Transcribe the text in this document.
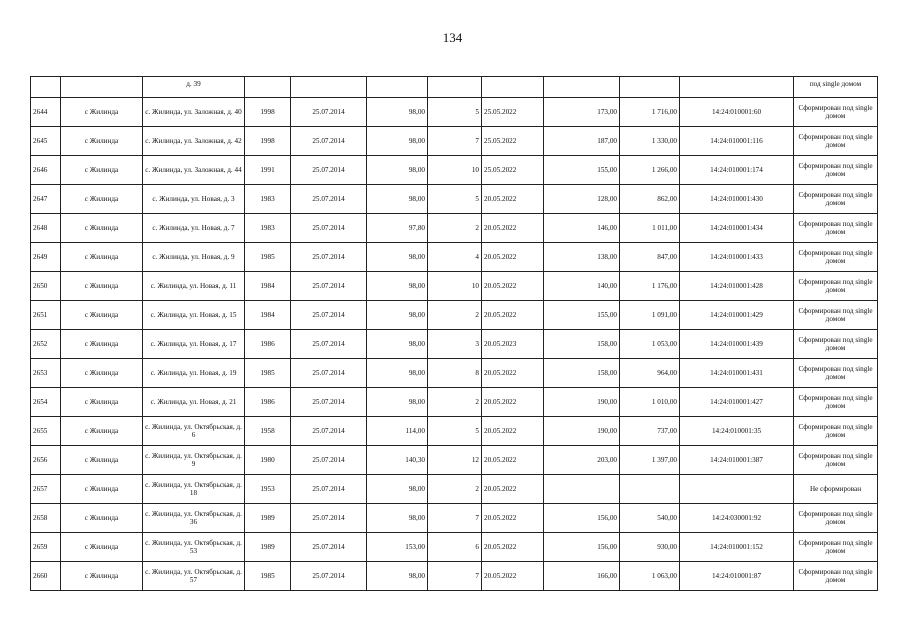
134

		д. 39									под single домом

2644	с Жилинда	с. Жилинда, ул. Заложная, д. 40	1998	25.07.2014	98,00	5	25.05.2022	173,00	1 716,00	14:24:010001:60	Сформирован под single домом
2645	с Жилинда	с. Жилинда, ул. Заложная, д. 42	1998	25.07.2014	98,00	7	25.05.2022	187,00	1 330,00	14:24:010001:116	Сформирован под single домом
2646	с Жилинда	с. Жилинда, ул. Заложная, д. 44	1991	25.07.2014	98,00	10	25.05.2022	155,00	1 266,00	14:24:010001:174	Сформирован под single домом
2647	с Жилинда	с. Жилинда, ул. Новая, д. 3	1983	25.07.2014	98,00	5	20.05.2022	128,00	862,00	14:24:010001:430	Сформирован под single домом
2648	с Жилинда	с. Жилинда, ул. Новая, д. 7	1983	25.07.2014	97,80	2	20.05.2022	146,00	1 011,00	14:24:010001:434	Сформирован под single домом
2649	с Жилинда	с. Жилинда, ул. Новая, д. 9	1985	25.07.2014	98,00	4	20.05.2022	138,00	847,00	14:24:010001:433	Сформирован под single домом
2650	с Жилинда	с. Жилинда, ул. Новая, д. 11	1984	25.07.2014	98,00	10	20.05.2022	140,00	1 176,00	14:24:010001:428	Сформирован под single домом
2651	с Жилинда	с. Жилинда, ул. Новая, д. 15	1984	25.07.2014	98,00	2	20.05.2022	155,00	1 091,00	14:24:010001:429	Сформирован под single домом
2652	с Жилинда	с. Жилинда, ул. Новая, д. 17	1986	25.07.2014	98,00	3	20.05.2023	158,00	1 053,00	14:24:010001:439	Сформирован под single домом
2653	с Жилинда	с. Жилинда, ул. Новая, д. 19	1985	25.07.2014	98,00	8	20.05.2022	158,00	964,00	14:24:010001:431	Сформирован под single домом
2654	с Жилинда	с. Жилинда, ул. Новая, д. 21	1986	25.07.2014	98,00	2	20.05.2022	190,00	1 010,00	14:24:010001:427	Сформирован под single домом
2655	с Жилинда	с. Жилинда, ул. Октябрьская, д. 6	1958	25.07.2014	114,00	5	20.05.2022	190,00	737,00	14:24:010001:35	Сформирован под single домом
2656	с Жилинда	с. Жилинда, ул. Октябрьская, д. 9	1980	25.07.2014	140,30	12	20.05.2022	203,00	1 397,00	14:24:010001:387	Сформирован под single домом
2657	с Жилинда	с. Жилинда, ул. Октябрьская, д. 18	1953	25.07.2014	98,00	2	20.05.2022				Не сформирован
2658	с Жилинда	с. Жилинда, ул. Октябрьская, д. 36	1989	25.07.2014	98,00	7	20.05.2022	156,00	540,00	14:24:030001:92	Сформирован под single домом
2659	с Жилинда	с. Жилинда, ул. Октябрьская, д. 53	1989	25.07.2014	153,00	6	20.05.2022	156,00	930,00	14:24:010001:152	Сформирован под single домом
2660	с Жилинда	с. Жилинда, ул. Октябрьская, д. 57	1985	25.07.2014	98,00	7	20.05.2022	166,00	1 063,00	14:24:010001:87	Сформирован под single домом
